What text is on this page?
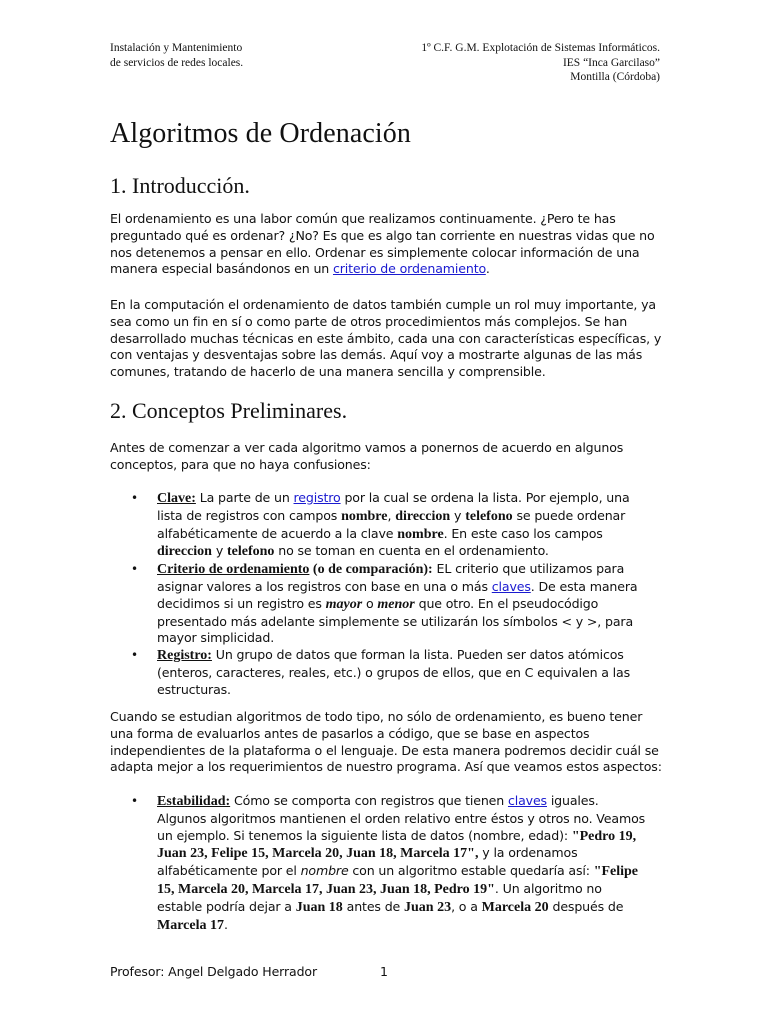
Instalación y Mantenimiento
de servicios de redes locales.
1º C.F. G.M. Explotación de Sistemas Informáticos.
IES “Inca Garcilaso”
Montilla (Córdoba)
Algoritmos de Ordenación
1. Introducción.

El ordenamiento es una labor común que realizamos continuamente. ¿Pero te has
preguntado qué es ordenar? ¿No? Es que es algo tan corriente en nuestras vidas que no
nos detenemos a pensar en ello. Ordenar es simplemente colocar información de una
manera especial basándonos en un criterio de ordenamiento.

En la computación el ordenamiento de datos también cumple un rol muy importante, ya
sea como un fin en sí o como parte de otros procedimientos más complejos. Se han
desarrollado muchas técnicas en este ámbito, cada una con características específicas, y
con ventajas y desventajas sobre las demás. Aquí voy a mostrarte algunas de las más
comunes, tratando de hacerlo de una manera sencilla y comprensible.

2. Conceptos Preliminares.

Antes de comenzar a ver cada algoritmo vamos a ponernos de acuerdo en algunos
conceptos, para que no haya confusiones:

• Clave: La parte de un registro por la cual se ordena la lista. Por ejemplo, una
lista de registros con campos nombre, direccion y telefono se puede ordenar
alfabéticamente de acuerdo a la clave nombre. En este caso los campos
direccion y telefono no se toman en cuenta en el ordenamiento.
• Criterio de ordenamiento (o de comparación): EL criterio que utilizamos para
asignar valores a los registros con base en una o más claves. De esta manera
decidimos si un registro es mayor o menor que otro. En el pseudocódigo
presentado más adelante simplemente se utilizarán los símbolos < y >, para
mayor simplicidad.
• Registro: Un grupo de datos que forman la lista. Pueden ser datos atómicos
(enteros, caracteres, reales, etc.) o grupos de ellos, que en C equivalen a las
estructuras.

Cuando se estudian algoritmos de todo tipo, no sólo de ordenamiento, es bueno tener
una forma de evaluarlos antes de pasarlos a código, que se base en aspectos
independientes de la plataforma o el lenguaje. De esta manera podremos decidir cuál se
adapta mejor a los requerimientos de nuestro programa. Así que veamos estos aspectos:

• Estabilidad: Cómo se comporta con registros que tienen claves iguales.
Algunos algoritmos mantienen el orden relativo entre éstos y otros no. Veamos
un ejemplo. Si tenemos la siguiente lista de datos (nombre, edad): "Pedro 19,
Juan 23, Felipe 15, Marcela 20, Juan 18, Marcela 17", y la ordenamos
alfabéticamente por el nombre con un algoritmo estable quedaría así: "Felipe
15, Marcela 20, Marcela 17, Juan 23, Juan 18, Pedro 19". Un algoritmo no
estable podría dejar a Juan 18 antes de Juan 23, o a Marcela 20 después de
Marcela 17.
Profesor: Angel Delgado Herrador	1
